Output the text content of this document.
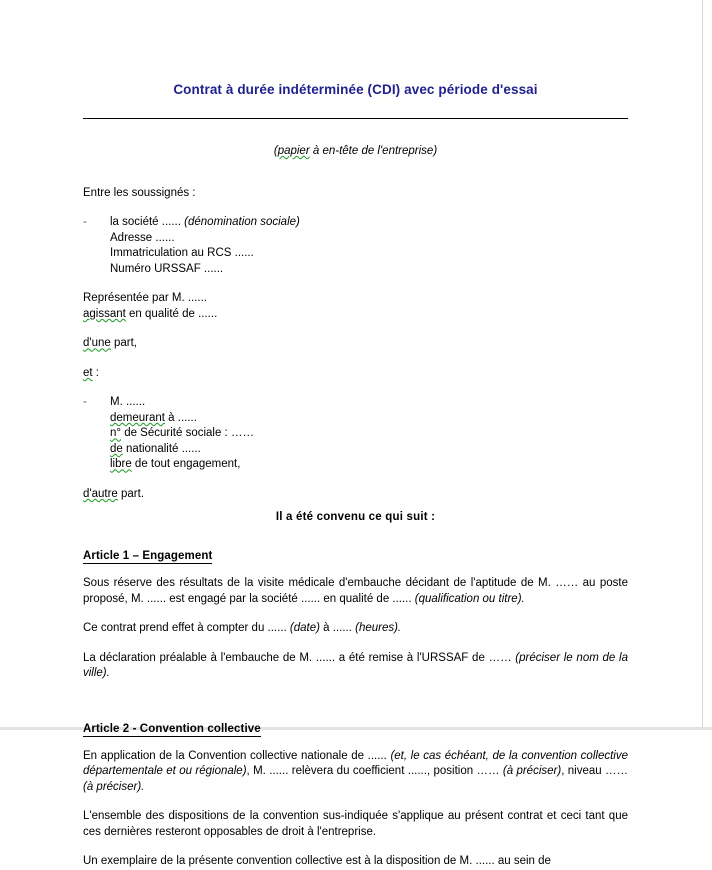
Contrat à durée indéterminée (CDI) avec période d'essai

(papier à en-tête de l'entreprise)

Entre les soussignés :

-	la société ...... (dénomination sociale)
Adresse ......
Immatriculation au RCS ......
Numéro URSSAF ......

Représentée par M. ......

agissant en qualité de ......

d'une part,

et :

-	M. ......
demeurant à ......
n° de Sécurité sociale : ……
de nationalité ......
libre de tout engagement,

d'autre part.

Il a été convenu ce qui suit :

Article 1 – Engagement

Sous réserve des résultats de la visite médicale d'embauche décidant de l'aptitude de M. …… au poste proposé, M. ...... est engagé par la société ...... en qualité de ...... (qualification ou titre).

Ce contrat prend effet à compter du ...... (date) à ...... (heures).

La déclaration préalable à l'embauche de M. ...... a été remise à l'URSSAF de …… (préciser le nom de la ville).

Article 2 - Convention collective

En application de la Convention collective nationale de ...... (et, le cas échéant, de la convention collective départementale et ou régionale), M. ...... relèvera du coefficient ......, position …… (à préciser), niveau …… (à préciser).

L'ensemble des dispositions de la convention sus-indiquée s'applique au présent contrat et ceci tant que ces dernières resteront opposables de droit à l'entreprise.

Un exemplaire de la présente convention collective est à la disposition de M. ...... au sein de
